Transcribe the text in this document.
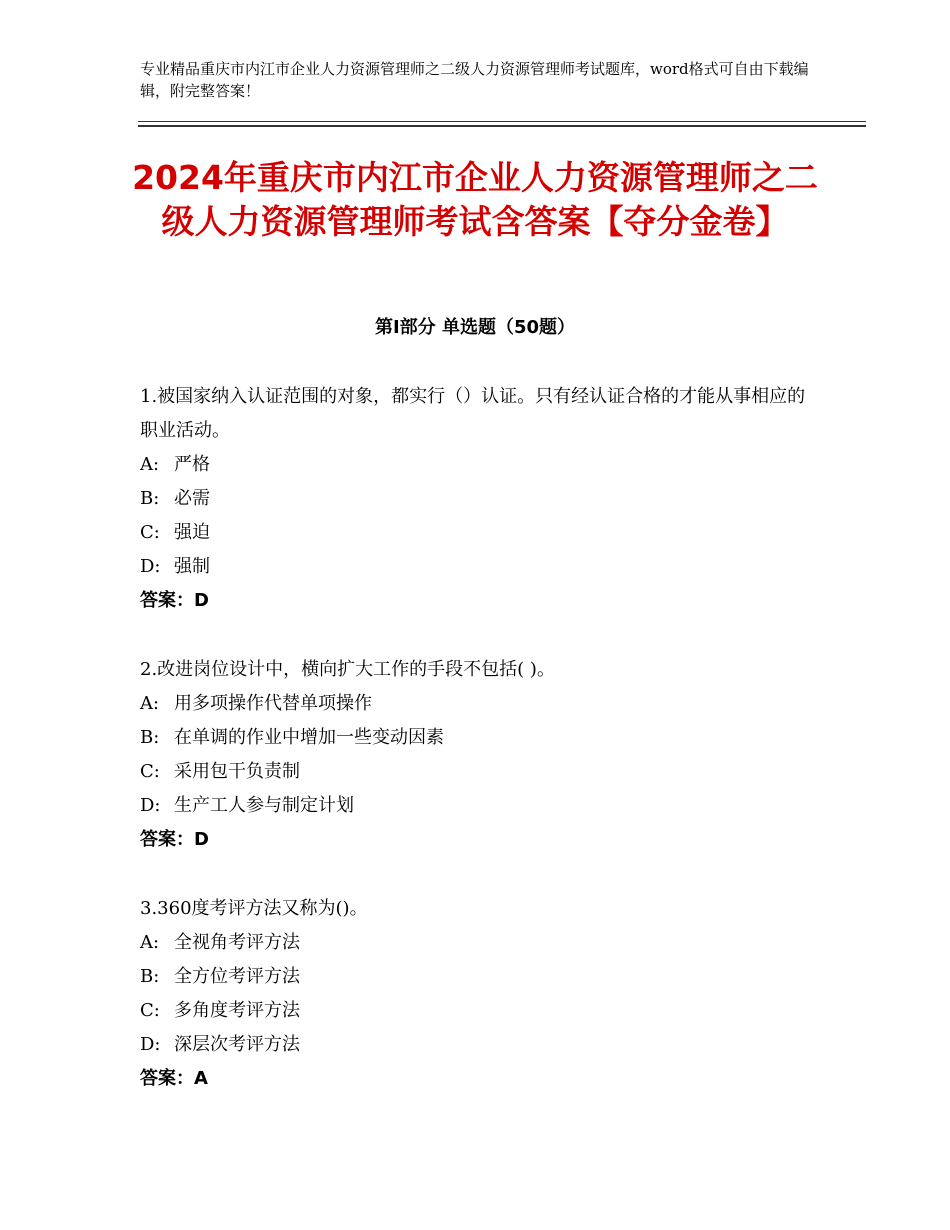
专业精品重庆市内江市企业人力资源管理师之二级人力资源管理师考试题库，word格式可自由下载编辑，附完整答案！
2024年重庆市内江市企业人力资源管理师之二级人力资源管理师考试含答案【夺分金卷】
第Ⅰ部分 单选题（50题）

1.被国家纳入认证范围的对象，都实行（）认证。只有经认证合格的才能从事相应的职业活动。

A: 严格

B: 必需

C: 强迫

D: 强制

答案：D

2.改进岗位设计中，横向扩大工作的手段不包括( )。

A: 用多项操作代替单项操作

B: 在单调的作业中增加一些变动因素

C: 采用包干负责制

D: 生产工人参与制定计划

答案：D

3.360度考评方法又称为()。

A: 全视角考评方法

B: 全方位考评方法

C: 多角度考评方法

D: 深层次考评方法

答案：A
